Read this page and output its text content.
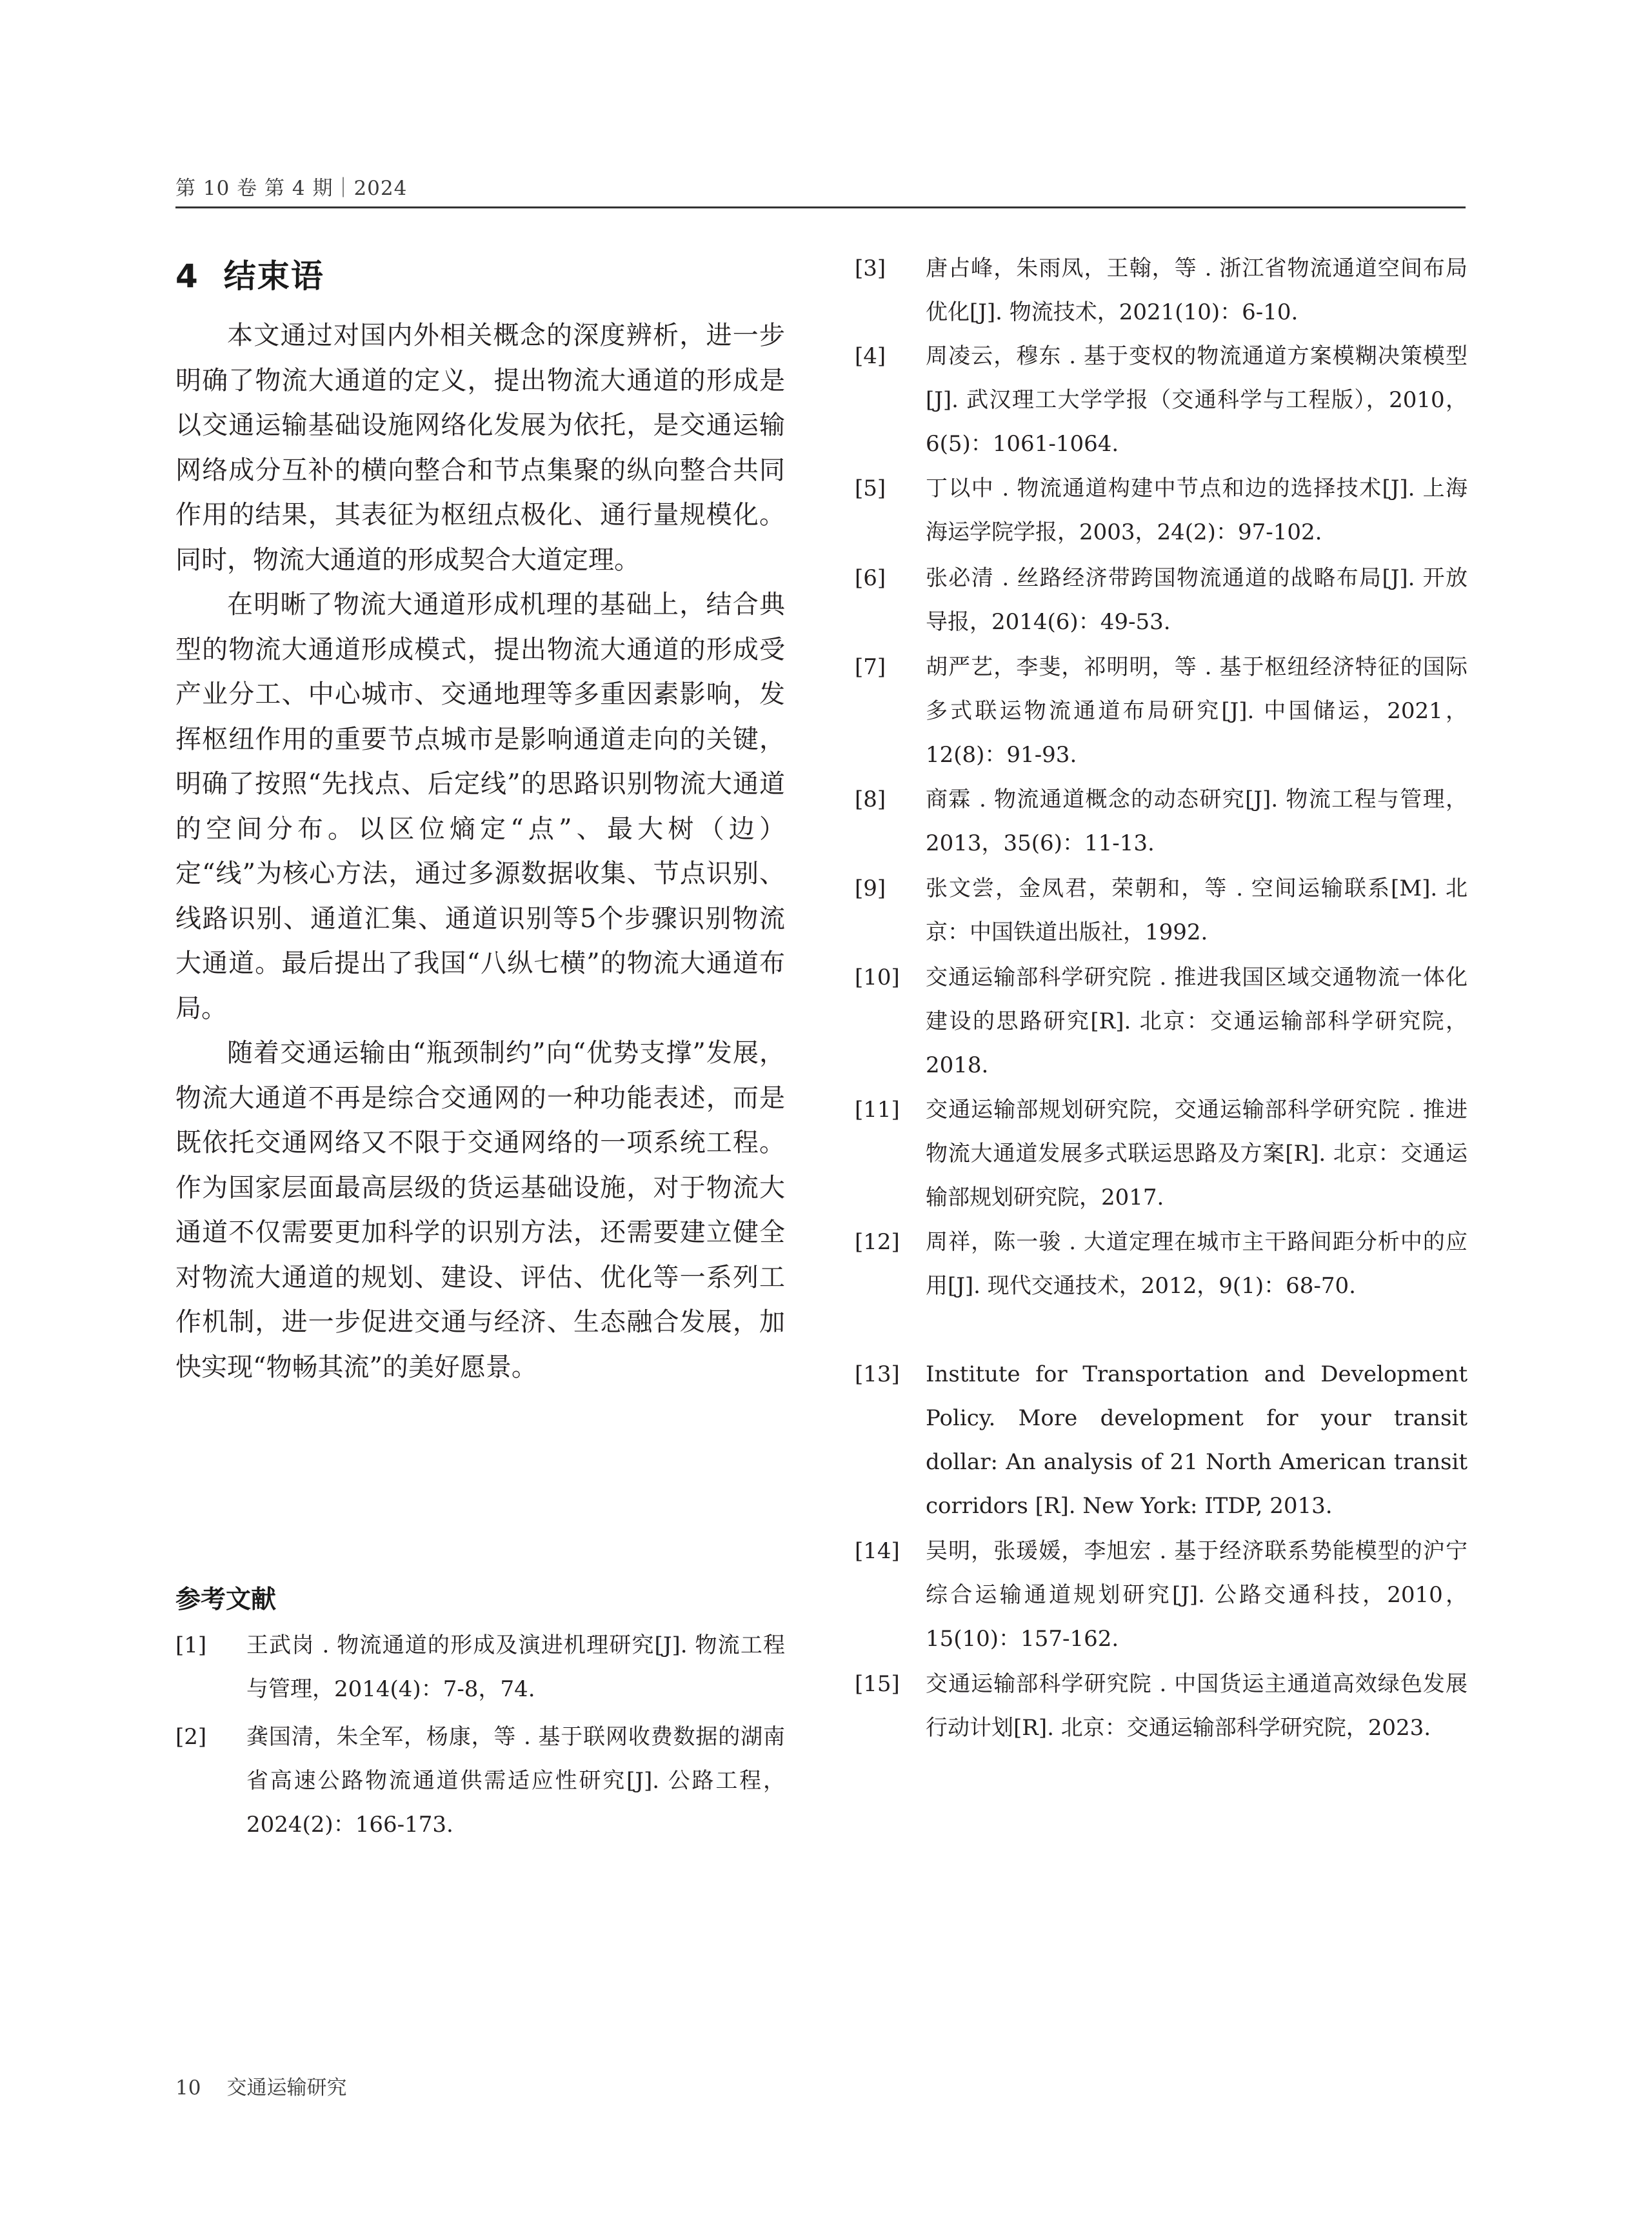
第 10 卷 第 4 期｜2024
4 结束语

本文通过对国内外相关概念的深度辨析，进一步明确了物流大通道的定义，提出物流大通道的形成是以交通运输基础设施网络化发展为依托，是交通运输网络成分互补的横向整合和节点集聚的纵向整合共同作用的结果，其表征为枢纽点极化、通行量规模化。同时，物流大通道的形成契合大道定理。

在明晰了物流大通道形成机理的基础上，结合典型的物流大通道形成模式，提出物流大通道的形成受产业分工、中心城市、交通地理等多重因素影响，发挥枢纽作用的重要节点城市是影响通道走向的关键，明确了按照“先找点、后定线”的思路识别物流大通道的空间分布。以区位熵定“点”、最大树（边）定“线”为核心方法，通过多源数据收集、节点识别、线路识别、通道汇集、通道识别等5个步骤识别物流大通道。最后提出了我国“八纵七横”的物流大通道布局。

随着交通运输由“瓶颈制约”向“优势支撑”发展，物流大通道不再是综合交通网的一种功能表述，而是既依托交通网络又不限于交通网络的一项系统工程。作为国家层面最高层级的货运基础设施，对于物流大通道不仅需要更加科学的识别方法，还需要建立健全对物流大通道的规划、建设、评估、优化等一系列工作机制，进一步促进交通与经济、生态融合发展，加快实现“物畅其流”的美好愿景。

参考文献
[1]	王武岗 . 物流通道的形成及演进机理研究[J]. 物流工程与管理，2014(4)：7-8，74.
[2]	龚国清，朱全军，杨康，等 . 基于联网收费数据的湖南省高速公路物流通道供需适应性研究[J]. 公路工程，2024(2)：166-173.
[3]	唐占峰，朱雨凤，王翰，等 . 浙江省物流通道空间布局优化[J]. 物流技术，2021(10)：6-10.
[4]	周凌云，穆东 . 基于变权的物流通道方案模糊决策模型[J]. 武汉理工大学学报（交通科学与工程版），2010，6(5)：1061-1064.
[5]	丁以中 . 物流通道构建中节点和边的选择技术[J]. 上海海运学院学报，2003，24(2)：97-102.
[6]	张必清 . 丝路经济带跨国物流通道的战略布局[J]. 开放导报，2014(6)：49-53.
[7]	胡严艺，李斐，祁明明，等 . 基于枢纽经济特征的国际多式联运物流通道布局研究[J]. 中国储运，2021，12(8)：91-93.
[8]	商霖 . 物流通道概念的动态研究[J]. 物流工程与管理，2013，35(6)：11-13.
[9]	张文尝，金凤君，荣朝和，等 . 空间运输联系[M]. 北京：中国铁道出版社，1992.
[10]	交通运输部科学研究院 . 推进我国区域交通物流一体化建设的思路研究[R]. 北京：交通运输部科学研究院，2018.
[11]	交通运输部规划研究院，交通运输部科学研究院 . 推进物流大通道发展多式联运思路及方案[R]. 北京：交通运输部规划研究院，2017.
[12]	周祥，陈一骏 . 大道定理在城市主干路间距分析中的应用[J]. 现代交通技术，2012，9(1)：68-70.
[13]	Institute for Transportation and Development Policy. More development for your transit dollar: An analysis of 21 North American transit corridors [R]. New York: ITDP, 2013.
[14]	吴明，张瑗媛，李旭宏 . 基于经济联系势能模型的沪宁综合运输通道规划研究[J]. 公路交通科技，2010，15(10)：157-162.
[15]	交通运输部科学研究院 . 中国货运主通道高效绿色发展行动计划[R]. 北京：交通运输部科学研究院，2023.
10 交通运输研究
